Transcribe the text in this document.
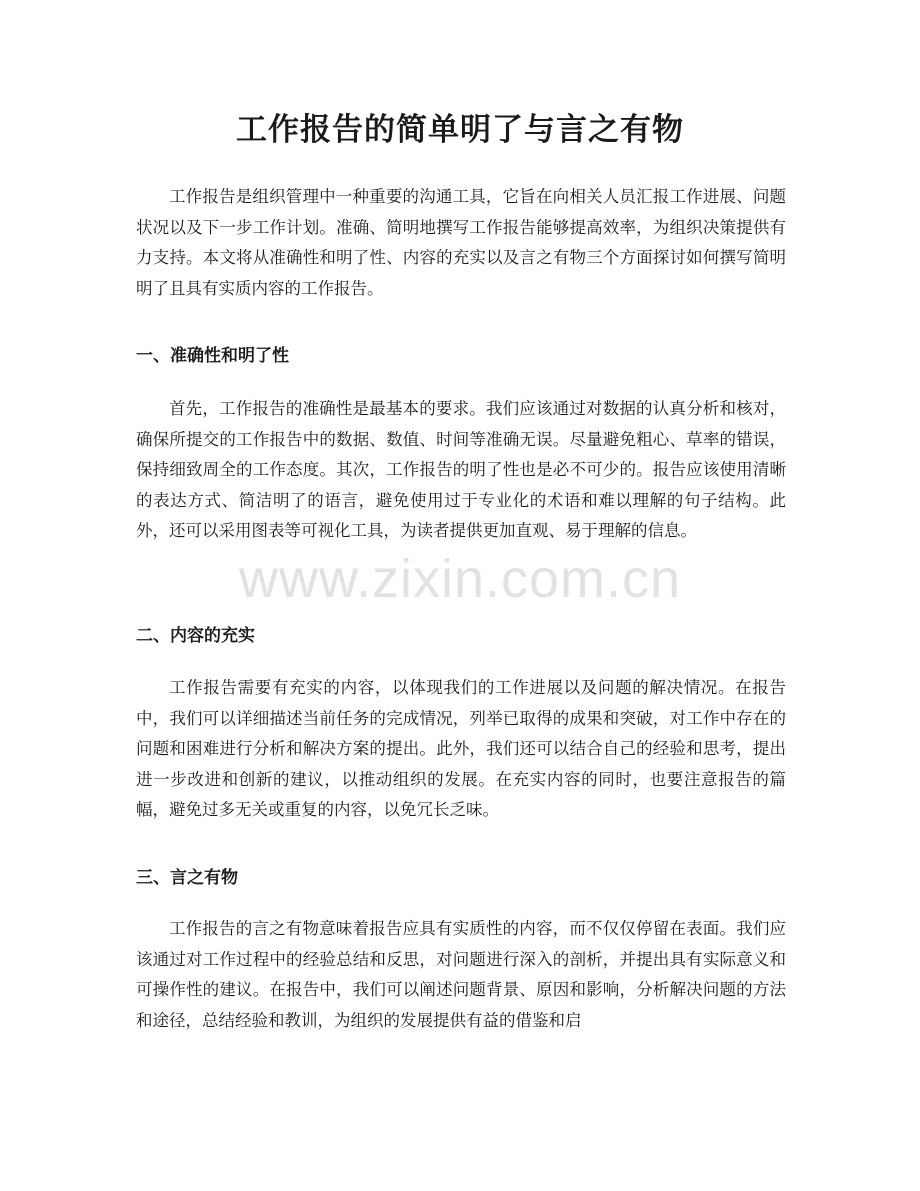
工作报告的简单明了与言之有物

工作报告是组织管理中一种重要的沟通工具，它旨在向相关人员汇报工作进展、问题状况以及下一步工作计划。准确、简明地撰写工作报告能够提高效率，为组织决策提供有力支持。本文将从准确性和明了性、内容的充实以及言之有物三个方面探讨如何撰写简明明了且具有实质内容的工作报告。

一、准确性和明了性

首先，工作报告的准确性是最基本的要求。我们应该通过对数据的认真分析和核对，确保所提交的工作报告中的数据、数值、时间等准确无误。尽量避免粗心、草率的错误，保持细致周全的工作态度。其次，工作报告的明了性也是必不可少的。报告应该使用清晰的表达方式、简洁明了的语言，避免使用过于专业化的术语和难以理解的句子结构。此外，还可以采用图表等可视化工具，为读者提供更加直观、易于理解的信息。

二、内容的充实

工作报告需要有充实的内容，以体现我们的工作进展以及问题的解决情况。在报告中，我们可以详细描述当前任务的完成情况，列举已取得的成果和突破，对工作中存在的问题和困难进行分析和解决方案的提出。此外，我们还可以结合自己的经验和思考，提出进一步改进和创新的建议，以推动组织的发展。在充实内容的同时，也要注意报告的篇幅，避免过多无关或重复的内容，以免冗长乏味。

三、言之有物

工作报告的言之有物意味着报告应具有实质性的内容，而不仅仅停留在表面。我们应该通过对工作过程中的经验总结和反思，对问题进行深入的剖析，并提出具有实际意义和可操作性的建议。在报告中，我们可以阐述问题背景、原因和影响，分析解决问题的方法和途径，总结经验和教训，为组织的发展提供有益的借鉴和启

www.zixin.com.cn
